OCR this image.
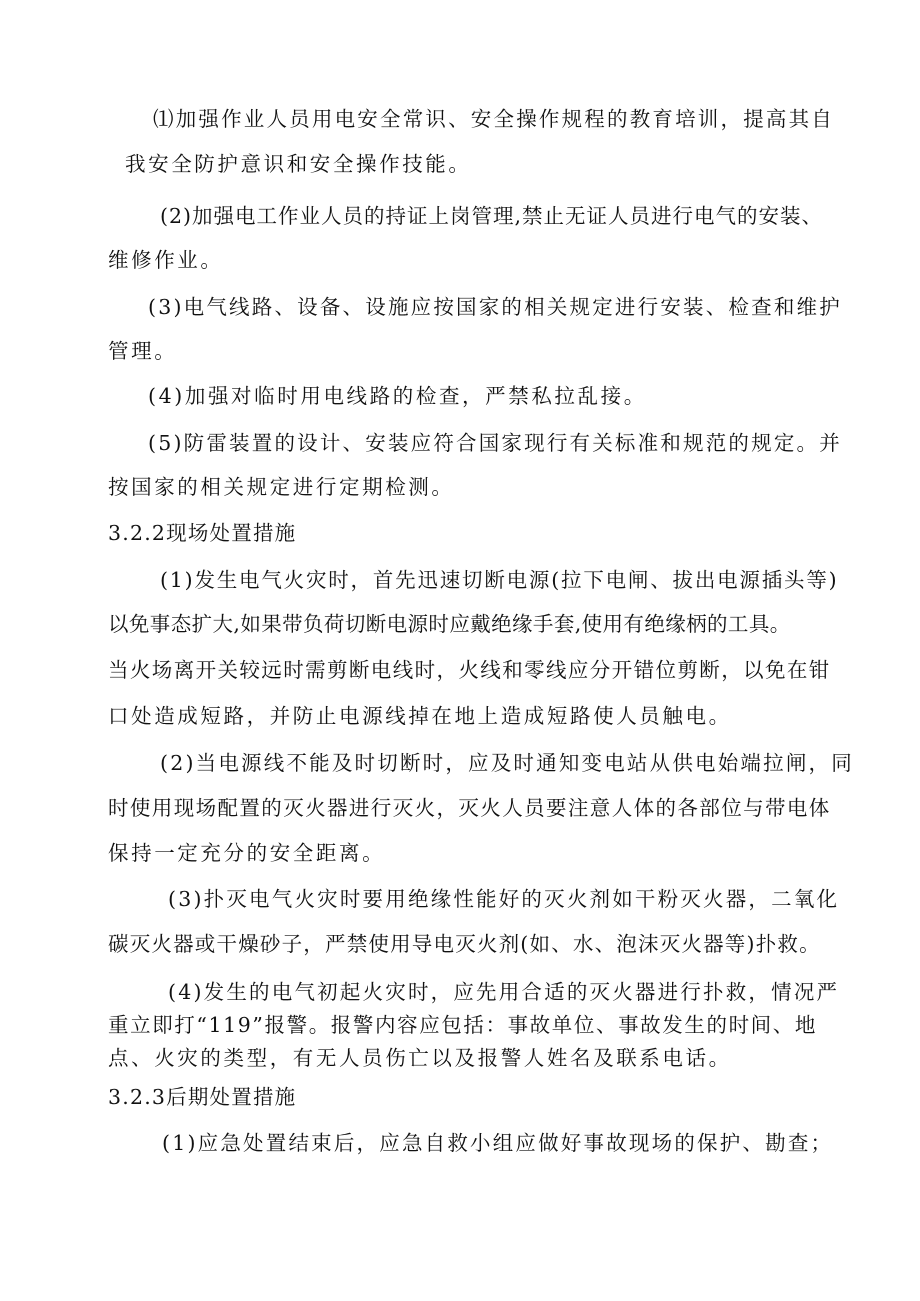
⑴加强作业人员用电安全常识、安全操作规程的教育培训，提高其自
我安全防护意识和安全操作技能。
(2)加强电工作业人员的持证上岗管理,禁止无证人员进行电气的安装、
维修作业。
(3)电气线路、设备、设施应按国家的相关规定进行安装、检查和维护
管理。
(4)加强对临时用电线路的检查，严禁私拉乱接。
(5)防雷装置的设计、安装应符合国家现行有关标准和规范的规定。并
按国家的相关规定进行定期检测。
3.2.2现场处置措施
(1)发生电气火灾时，首先迅速切断电源(拉下电闸、拔出电源插头等)
以免事态扩大,如果带负荷切断电源时应戴绝缘手套,使用有绝缘柄的工具。
当火场离开关较远时需剪断电线时，火线和零线应分开错位剪断，以免在钳
口处造成短路，并防止电源线掉在地上造成短路使人员触电。
(2)当电源线不能及时切断时，应及时通知变电站从供电始端拉闸，同
时使用现场配置的灭火器进行灭火，灭火人员要注意人体的各部位与带电体
保持一定充分的安全距离。
(3)扑灭电气火灾时要用绝缘性能好的灭火剂如干粉灭火器，二氧化
碳灭火器或干燥砂子，严禁使用导电灭火剂(如、水、泡沫灭火器等)扑救。
(4)发生的电气初起火灾时，应先用合适的灭火器进行扑救，情况严
重立即打“119”报警。报警内容应包括：事故单位、事故发生的时间、地
点、火灾的类型，有无人员伤亡以及报警人姓名及联系电话。
3.2.3后期处置措施
(1)应急处置结束后，应急自救小组应做好事故现场的保护、勘查；
